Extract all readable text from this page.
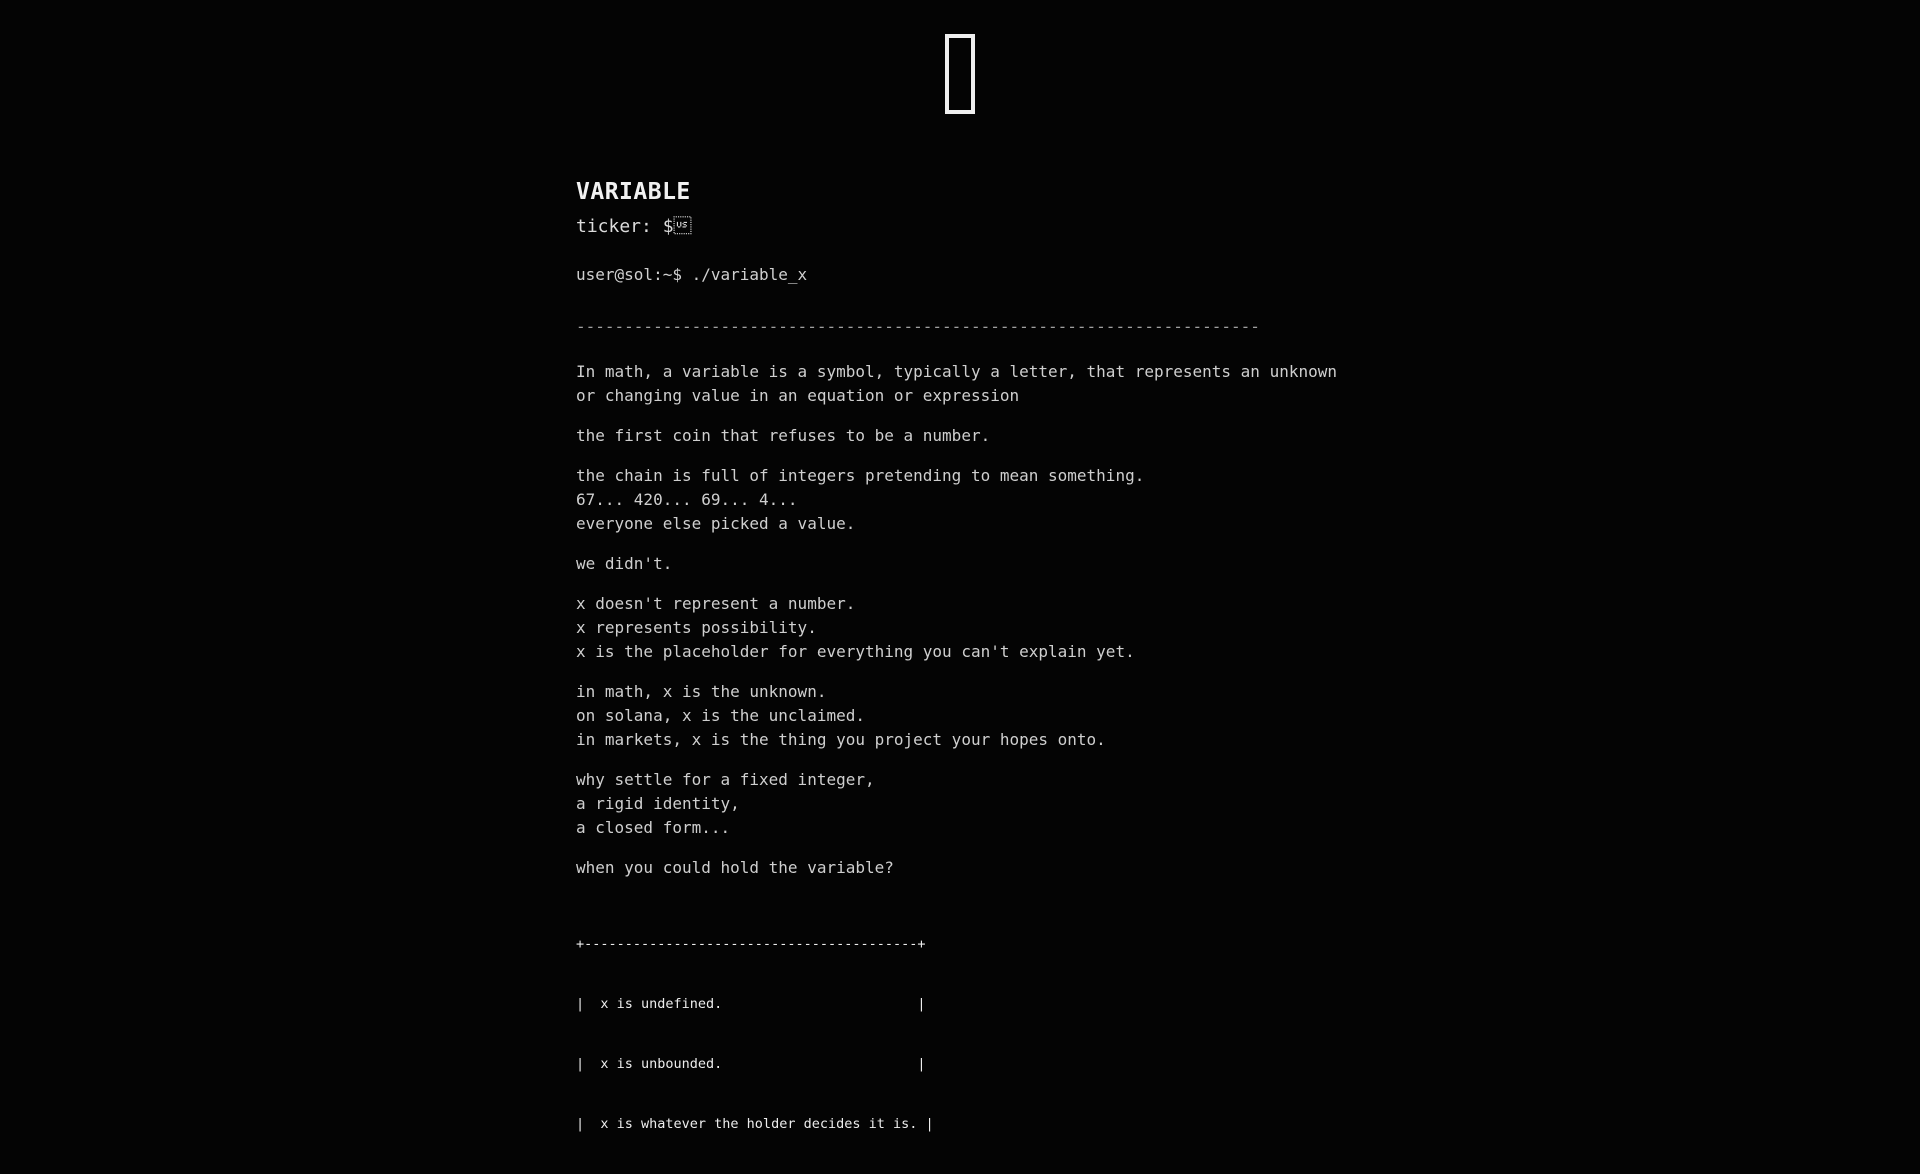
VARIABLE

ticker: $

user@sol:~$ ./variable_x
-----------------------------------------------------------------------
In math, a variable is a symbol, typically a letter, that represents an unknown
or changing value in an equation or expression
the first coin that refuses to be a number.
the chain is full of integers pretending to mean something.
67... 420... 69... 4...
everyone else picked a value.
we didn't.
x doesn't represent a number.
x represents possibility.
x is the placeholder for everything you can't explain yet.
in math, x is the unknown.
on solana, x is the unclaimed.
in markets, x is the thing you project your hopes onto.
why settle for a fixed integer,
a rigid identity,
a closed form...
when you could hold the variable?

+-----------------------------------------+

|  x is undefined.                        |

|  x is unbounded.                        |

|  x is whatever the holder decides it is. |
